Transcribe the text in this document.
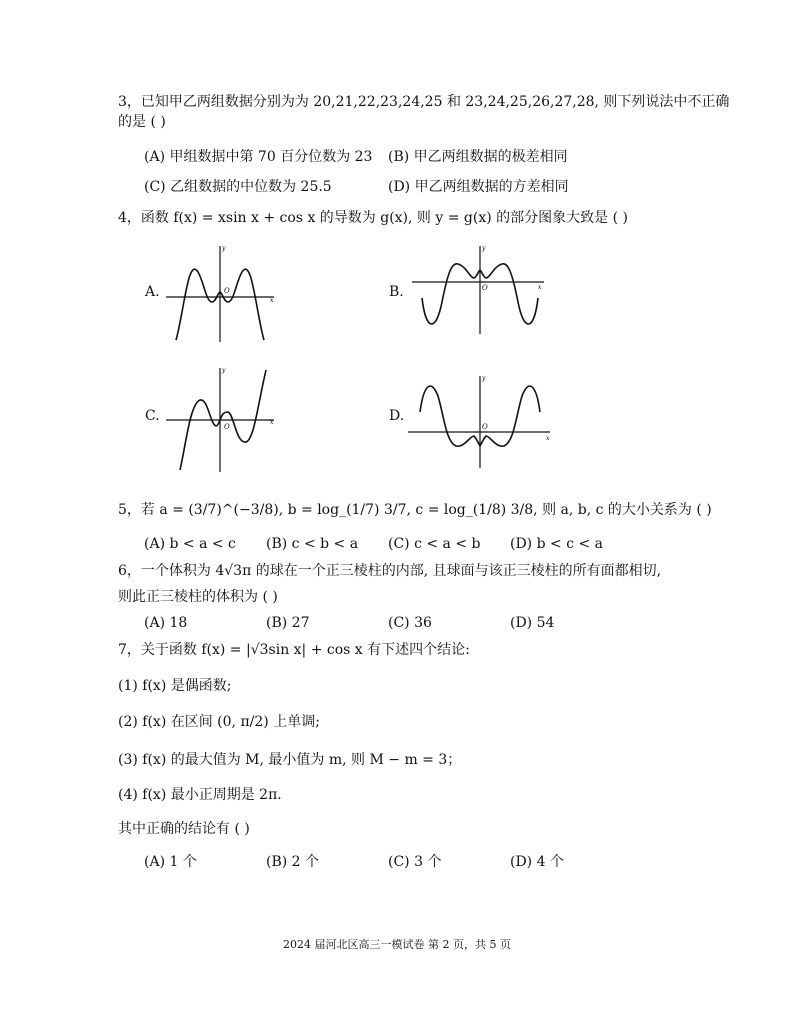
3，已知甲乙两组数据分别为为 20,21,22,23,24,25 和 23,24,25,26,27,28, 则下列说法中不正确
的是 ( )
(A) 甲组数据中第 70 百分位数为 23 (B) 甲乙两组数据的极差相同
(C) 乙组数据的中位数为 25.5	(D) 甲乙两组数据的方差相同
4，函数 f(x) = xsin x + cos x 的导数为 g(x), 则 y = g(x) 的部分图象大致是 ( )
A.	B.
C.	D.
O
x
y
O	x
y
O
x
y
O
x
y
5，若 a = (3/7)^(−3/8), b = log_(1/7) 3/7, c = log_(1/8) 3/8, 则 a, b, c 的大小关系为 ( )
(A) b < a < c (B) c < b < a (C) c < a < b (D) b < c < a
6，一个体积为 4√3π 的球在一个正三棱柱的内部, 且球面与该正三棱柱的所有面都相切,
则此正三棱柱的体积为 ( )
(A) 18	(B) 27	(C) 36	(D) 54
7，关于函数 f(x) = |√3sin x| + cos x 有下述四个结论:
(1) f(x) 是偶函数;
(2) f(x) 在区间 (0, π/2) 上单调;
(3) f(x) 的最大值为 M, 最小值为 m, 则 M − m = 3；
(4) f(x) 最小正周期是 2π.
其中正确的结论有 ( )
(A) 1 个	(B) 2 个	(C) 3 个	(D) 4 个
2024 届河北区高三一模试卷 第 2 页，共 5 页
